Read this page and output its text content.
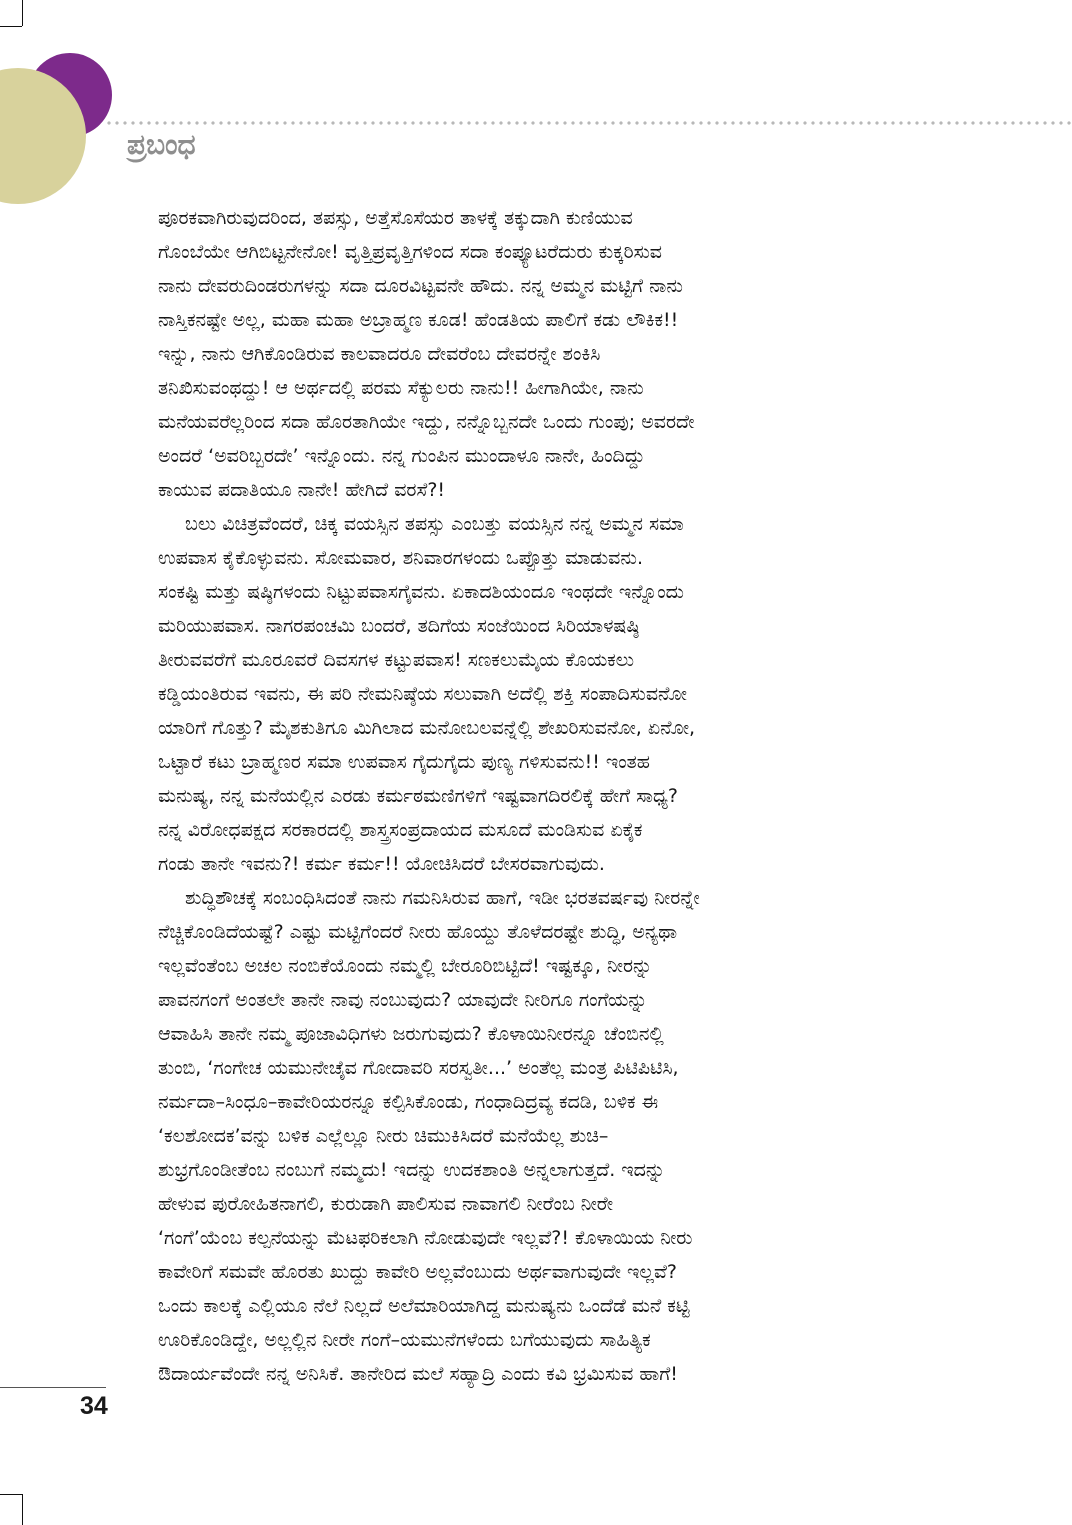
ಪ್ರಬಂಧ
ಪೂರಕವಾಗಿರುವುದರಿಂದ, ತಪಸ್ಸು, ಅತ್ತೆಸೊಸೆಯರ ತಾಳಕ್ಕೆ ತಕ್ಕುದಾಗಿ ಕುಣಿಯುವ
ಗೊಂಬೆಯೇ ಆಗಿಬಿಟ್ಟನೇನೋ! ವೃತ್ತಿಪ್ರವೃತ್ತಿಗಳಿಂದ ಸದಾ ಕಂಪ್ಯೂಟರೆದುರು ಕುಕ್ಕರಿಸುವ
ನಾನು ದೇವರುದಿಂಡರುಗಳನ್ನು ಸದಾ ದೂರವಿಟ್ಟವನೇ ಹೌದು. ನನ್ನ ಅಮ್ಮನ ಮಟ್ಟಿಗೆ ನಾನು
ನಾಸ್ತಿಕನಷ್ಟೇ ಅಲ್ಲ, ಮಹಾ ಮಹಾ ಅಬ್ರಾಹ್ಮಣ ಕೂಡ! ಹೆಂಡತಿಯ ಪಾಲಿಗೆ ಕಡು ಲೌಕಿಕ!!
ಇನ್ನು, ನಾನು ಆಗಿಕೊಂಡಿರುವ ಕಾಲವಾದರೂ ದೇವರೆಂಬ ದೇವರನ್ನೇ ಶಂಕಿಸಿ
ತನಿಖಿಸುವಂಥದ್ದು! ಆ ಅರ್ಥದಲ್ಲಿ ಪರಮ ಸೆಕ್ಯುಲರು ನಾನು!! ಹೀಗಾಗಿಯೇ, ನಾನು
ಮನೆಯವರೆಲ್ಲರಿಂದ ಸದಾ ಹೊರತಾಗಿಯೇ ಇದ್ದು, ನನ್ನೊಬ್ಬನದೇ ಒಂದು ಗುಂಪು; ಅವರದೇ
ಅಂದರೆ ‘ಅವರಿಬ್ಬರದೇ’ ಇನ್ನೊಂದು. ನನ್ನ ಗುಂಪಿನ ಮುಂದಾಳೂ ನಾನೇ, ಹಿಂದಿದ್ದು
ಕಾಯುವ ಪದಾತಿಯೂ ನಾನೇ! ಹೇಗಿದೆ ವರಸೆ?!
ಬಲು ವಿಚಿತ್ರವೆಂದರೆ, ಚಿಕ್ಕ ವಯಸ್ಸಿನ ತಪಸ್ಸು ಎಂಬತ್ತು ವಯಸ್ಸಿನ ನನ್ನ ಅಮ್ಮನ ಸಮಾ
ಉಪವಾಸ ಕೈಕೊಳ್ಳುವನು. ಸೋಮವಾರ, ಶನಿವಾರಗಳಂದು ಒಪ್ಪೊತ್ತು ಮಾಡುವನು.
ಸಂಕಷ್ಟಿ ಮತ್ತು ಷಷ್ಠಿಗಳಂದು ನಿಟ್ಟುಪವಾಸಗೈವನು. ಏಕಾದಶಿಯಂದೂ ಇಂಥದೇ ಇನ್ನೊಂದು
ಮರಿಯುಪವಾಸ. ನಾಗರಪಂಚಮಿ ಬಂದರೆ, ತದಿಗೆಯ ಸಂಜೆಯಿಂದ ಸಿರಿಯಾಳಷಷ್ಠಿ
ತೀರುವವರೆಗೆ ಮೂರೂವರೆ ದಿವಸಗಳ ಕಟ್ಟುಪವಾಸ! ಸಣಕಲುಮೈಯ ಕೊಯಕಲು
ಕಡ್ಡಿಯಂತಿರುವ ಇವನು, ಈ ಪರಿ ನೇಮನಿಷ್ಠೆಯ ಸಲುವಾಗಿ ಅದೆಲ್ಲಿ ಶಕ್ತಿ ಸಂಪಾದಿಸುವನೋ
ಯಾರಿಗೆ ಗೊತ್ತು? ಮೈಶಕುತಿಗೂ ಮಿಗಿಲಾದ ಮನೋಬಲವನ್ನೆಲ್ಲಿ ಶೇಖರಿಸುವನೋ, ಏನೋ,
ಒಟ್ಟಾರೆ ಕಟು ಬ್ರಾಹ್ಮಣರ ಸಮಾ ಉಪವಾಸ ಗೈದುಗೈದು ಪುಣ್ಯ ಗಳಿಸುವನು!! ಇಂತಹ
ಮನುಷ್ಯ, ನನ್ನ ಮನೆಯಲ್ಲಿನ ಎರಡು ಕರ್ಮಠಮಣಿಗಳಿಗೆ ಇಷ್ಟವಾಗದಿರಲಿಕ್ಕೆ ಹೇಗೆ ಸಾಧ್ಯ?
ನನ್ನ ವಿರೋಧಪಕ್ಷದ ಸರಕಾರದಲ್ಲಿ ಶಾಸ್ತ್ರಸಂಪ್ರದಾಯದ ಮಸೂದೆ ಮಂಡಿಸುವ ಏಕೈಕ
ಗಂಡು ತಾನೇ ಇವನು?! ಕರ್ಮ ಕರ್ಮ!! ಯೋಚಿಸಿದರೆ ಬೇಸರವಾಗುವುದು.
ಶುದ್ಧಿಶೌಚಕ್ಕೆ ಸಂಬಂಧಿಸಿದಂತೆ ನಾನು ಗಮನಿಸಿರುವ ಹಾಗೆ, ಇಡೀ ಭರತವರ್ಷವು ನೀರನ್ನೇ
ನೆಚ್ಚಿಕೊಂಡಿದೆಯಷ್ಟೆ? ಎಷ್ಟು ಮಟ್ಟಿಗೆಂದರೆ ನೀರು ಹೊಯ್ದು ತೊಳೆದರಷ್ಟೇ ಶುದ್ಧಿ, ಅನ್ಯಥಾ
ಇಲ್ಲವೆಂತೆಂಬ ಅಚಲ ನಂಬಿಕೆಯೊಂದು ನಮ್ಮಲ್ಲಿ ಬೇರೂರಿಬಿಟ್ಟಿದೆ! ಇಷ್ಟಕ್ಕೂ, ನೀರನ್ನು
ಪಾವನಗಂಗೆ ಅಂತಲೇ ತಾನೇ ನಾವು ನಂಬುವುದು? ಯಾವುದೇ ನೀರಿಗೂ ಗಂಗೆಯನ್ನು
ಆವಾಹಿಸಿ ತಾನೇ ನಮ್ಮ ಪೂಜಾವಿಧಿಗಳು ಜರುಗುವುದು? ಕೊಳಾಯಿನೀರನ್ನೂ ಚೆಂಬಿನಲ್ಲಿ
ತುಂಬಿ, ‘ಗಂಗೇಚ ಯಮುನೇಚೈವ ಗೋದಾವರಿ ಸರಸ್ವತೀ...’ ಅಂತೆಲ್ಲ ಮಂತ್ರ ಪಿಟಿಪಿಟಿಸಿ,
ನರ್ಮದಾ–ಸಿಂಧೂ–ಕಾವೇರಿಯರನ್ನೂ ಕಲ್ಪಿಸಿಕೊಂಡು, ಗಂಧಾದಿದ್ರವ್ಯ ಕದಡಿ, ಬಳಿಕ ಈ
‘ಕಲಶೋದಕ’ವನ್ನು ಬಳಿಕ ಎಲ್ಲೆಲ್ಲೂ ನೀರು ಚಿಮುಕಿಸಿದರೆ ಮನೆಯೆಲ್ಲ ಶುಚಿ–
ಶುಭ್ರಗೊಂಡೀತೆಂಬ ನಂಬುಗೆ ನಮ್ಮದು! ಇದನ್ನು ಉದಕಶಾಂತಿ ಅನ್ನಲಾಗುತ್ತದೆ. ಇದನ್ನು
ಹೇಳುವ ಪುರೋಹಿತನಾಗಲಿ, ಕುರುಡಾಗಿ ಪಾಲಿಸುವ ನಾವಾಗಲಿ ನೀರೆಂಬ ನೀರೇ
‘ಗಂಗೆ’ಯೆಂಬ ಕಲ್ಪನೆಯನ್ನು ಮೆಟಫರಿಕಲಾಗಿ ನೋಡುವುದೇ ಇಲ್ಲವೆ?! ಕೊಳಾಯಿಯ ನೀರು
ಕಾವೇರಿಗೆ ಸಮವೇ ಹೊರತು ಖುದ್ದು ಕಾವೇರಿ ಅಲ್ಲವೆಂಬುದು ಅರ್ಥವಾಗುವುದೇ ಇಲ್ಲವೆ?
ಒಂದು ಕಾಲಕ್ಕೆ ಎಲ್ಲಿಯೂ ನೆಲೆ ನಿಲ್ಲದೆ ಅಲೆಮಾರಿಯಾಗಿದ್ದ ಮನುಷ್ಯನು ಒಂದೆಡೆ ಮನೆ ಕಟ್ಟಿ
ಊರಿಕೊಂಡಿದ್ದೇ, ಅಲ್ಲಲ್ಲಿನ ನೀರೇ ಗಂಗೆ–ಯಮುನೆಗಳೆಂದು ಬಗೆಯುವುದು ಸಾಹಿತ್ಯಿಕ
ಔದಾರ್ಯವೆಂದೇ ನನ್ನ ಅನಿಸಿಕೆ. ತಾನೇರಿದ ಮಲೆ ಸಹ್ಯಾದ್ರಿ ಎಂದು ಕವಿ ಭ್ರಮಿಸುವ ಹಾಗೆ!
34
